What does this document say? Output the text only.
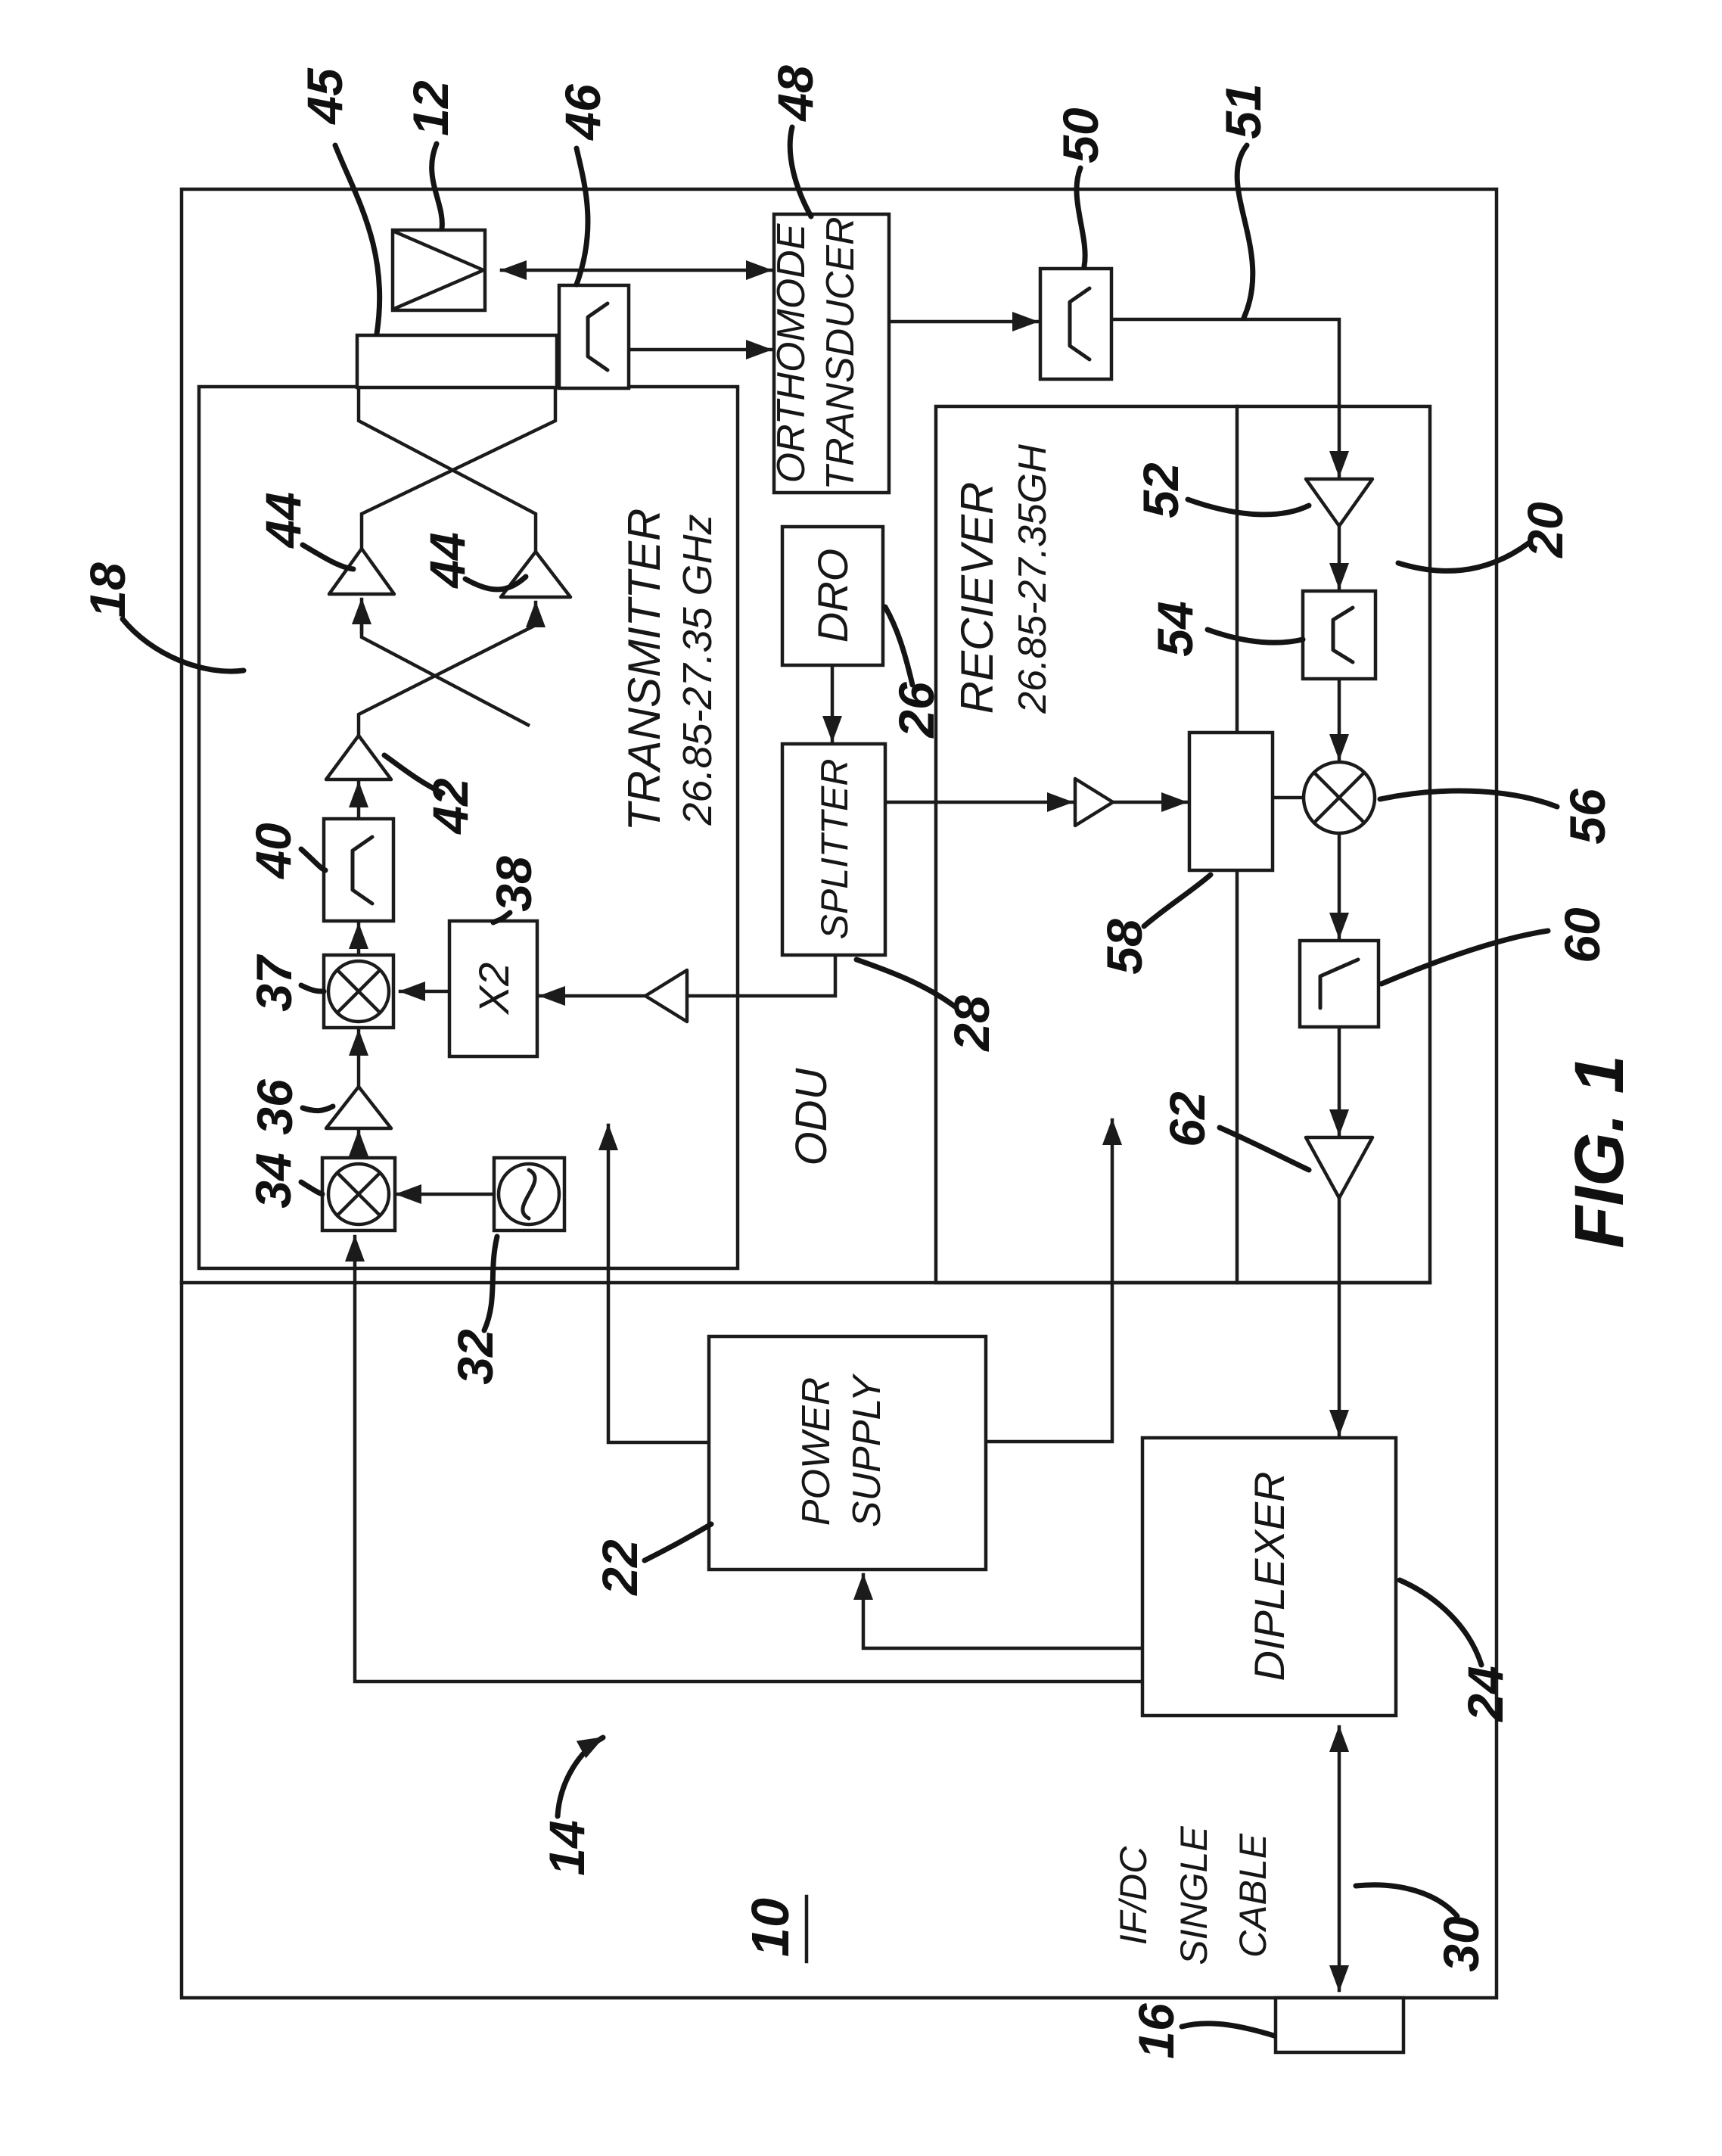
ORTHOMODE TRANSDUCER
DRO
SPLITTER
X2
POWER SUPPLY
DIPLEXER
TRANSMITTER 26.85-27.35 GHz	RECIEVER 26.85-27.35GH
ODU
IF/DC SINGLE CABLE
FIG. 1
45 12 46	48
50 51
20
18
44
44
42
40
37
36
34
38
32
26
28
58
52
54
56
60
62
22
24
30
16
14
10
